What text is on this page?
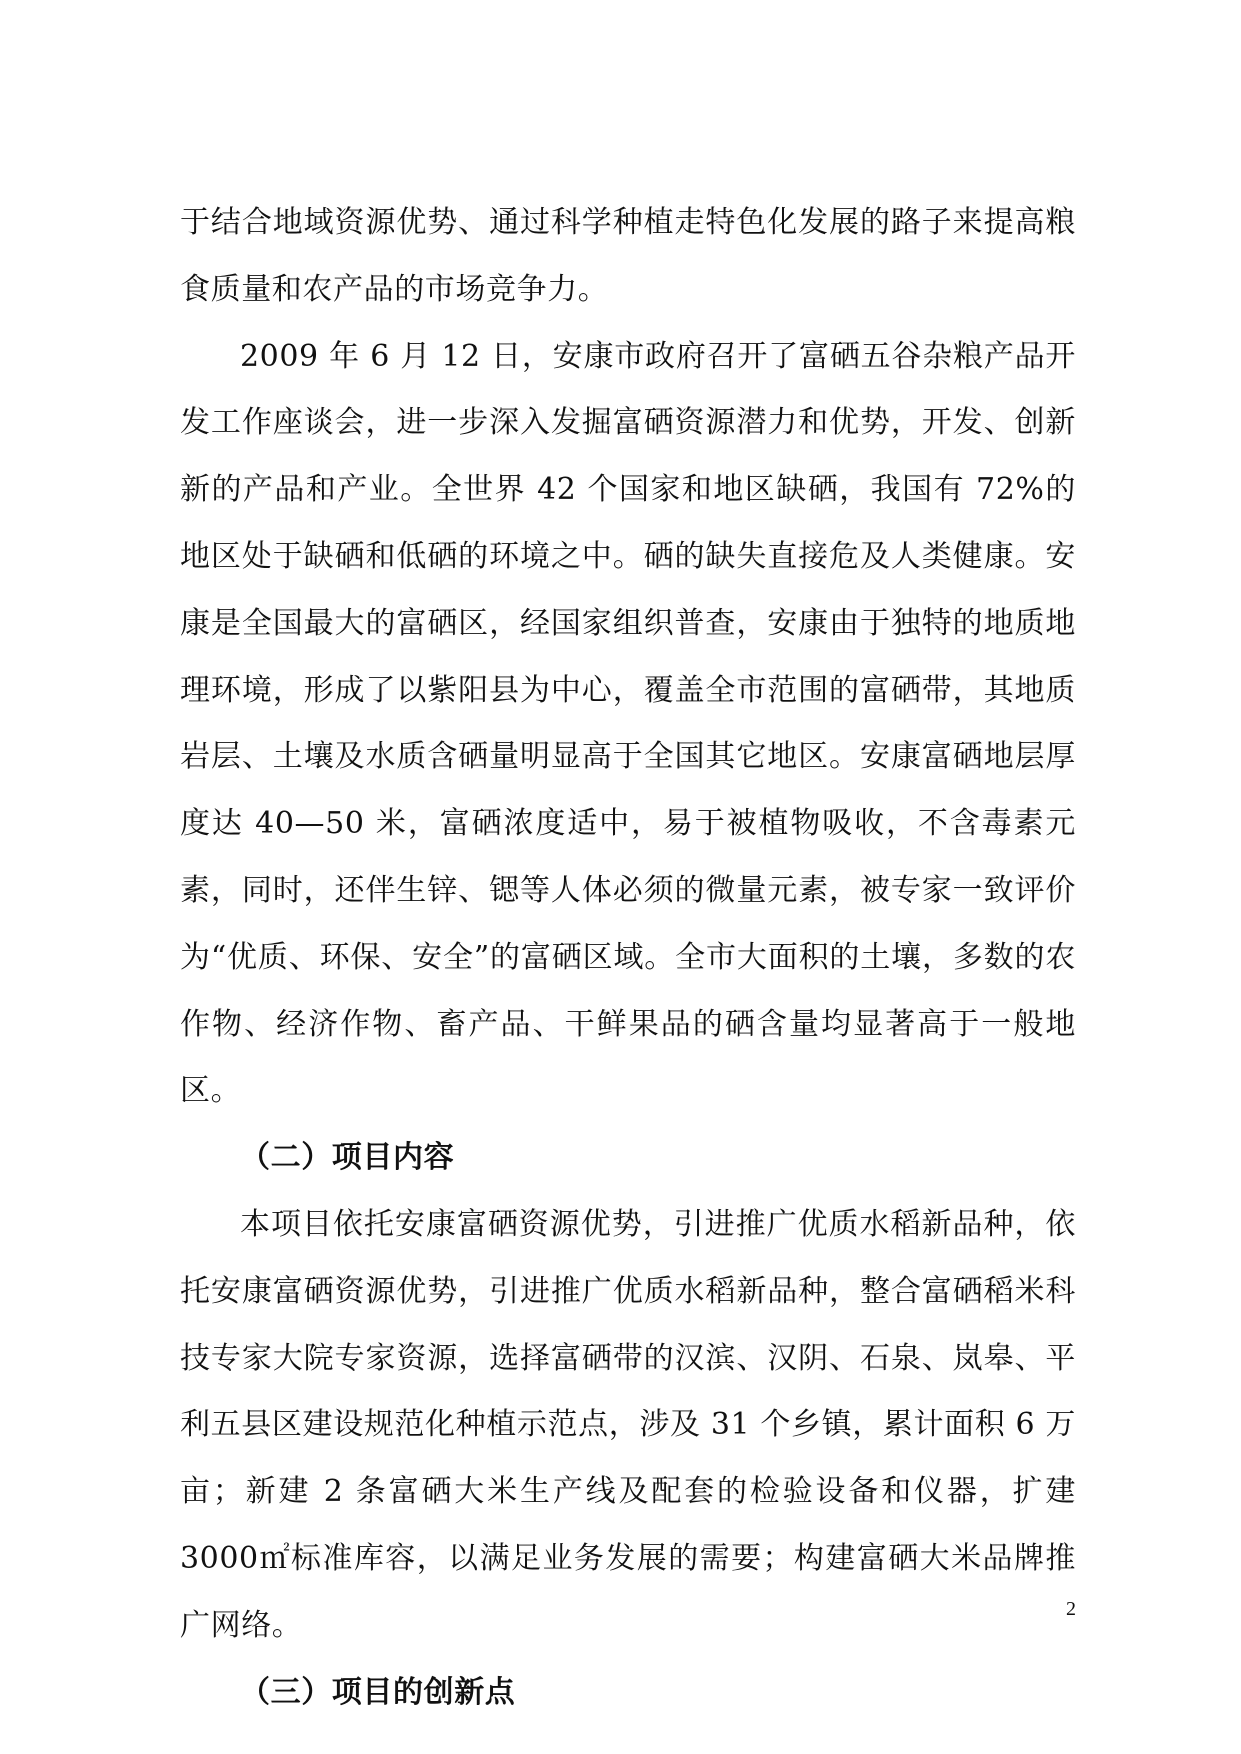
于结合地域资源优势、通过科学种植走特色化发展的路子来提高粮食质量和农产品的市场竞争力。

2009 年 6 月 12 日，安康市政府召开了富硒五谷杂粮产品开发工作座谈会，进一步深入发掘富硒资源潜力和优势，开发、创新新的产品和产业。全世界 42 个国家和地区缺硒，我国有 72%的地区处于缺硒和低硒的环境之中。硒的缺失直接危及人类健康。安康是全国最大的富硒区，经国家组织普查，安康由于独特的地质地理环境，形成了以紫阳县为中心，覆盖全市范围的富硒带，其地质岩层、土壤及水质含硒量明显高于全国其它地区。安康富硒地层厚度达 40—50 米，富硒浓度适中，易于被植物吸收，不含毒素元素，同时，还伴生锌、锶等人体必须的微量元素，被专家一致评价为“优质、环保、安全”的富硒区域。全市大面积的土壤，多数的农作物、经济作物、畜产品、干鲜果品的硒含量均显著高于一般地区。

（二）项目内容

本项目依托安康富硒资源优势，引进推广优质水稻新品种，依托安康富硒资源优势，引进推广优质水稻新品种，整合富硒稻米科技专家大院专家资源，选择富硒带的汉滨、汉阴、石泉、岚皋、平利五县区建设规范化种植示范点，涉及 31 个乡镇，累计面积 6 万亩；新建 2 条富硒大米生产线及配套的检验设备和仪器，扩建 3000㎡标准库容，以满足业务发展的需要；构建富硒大米品牌推广网络。

（三）项目的创新点
2
